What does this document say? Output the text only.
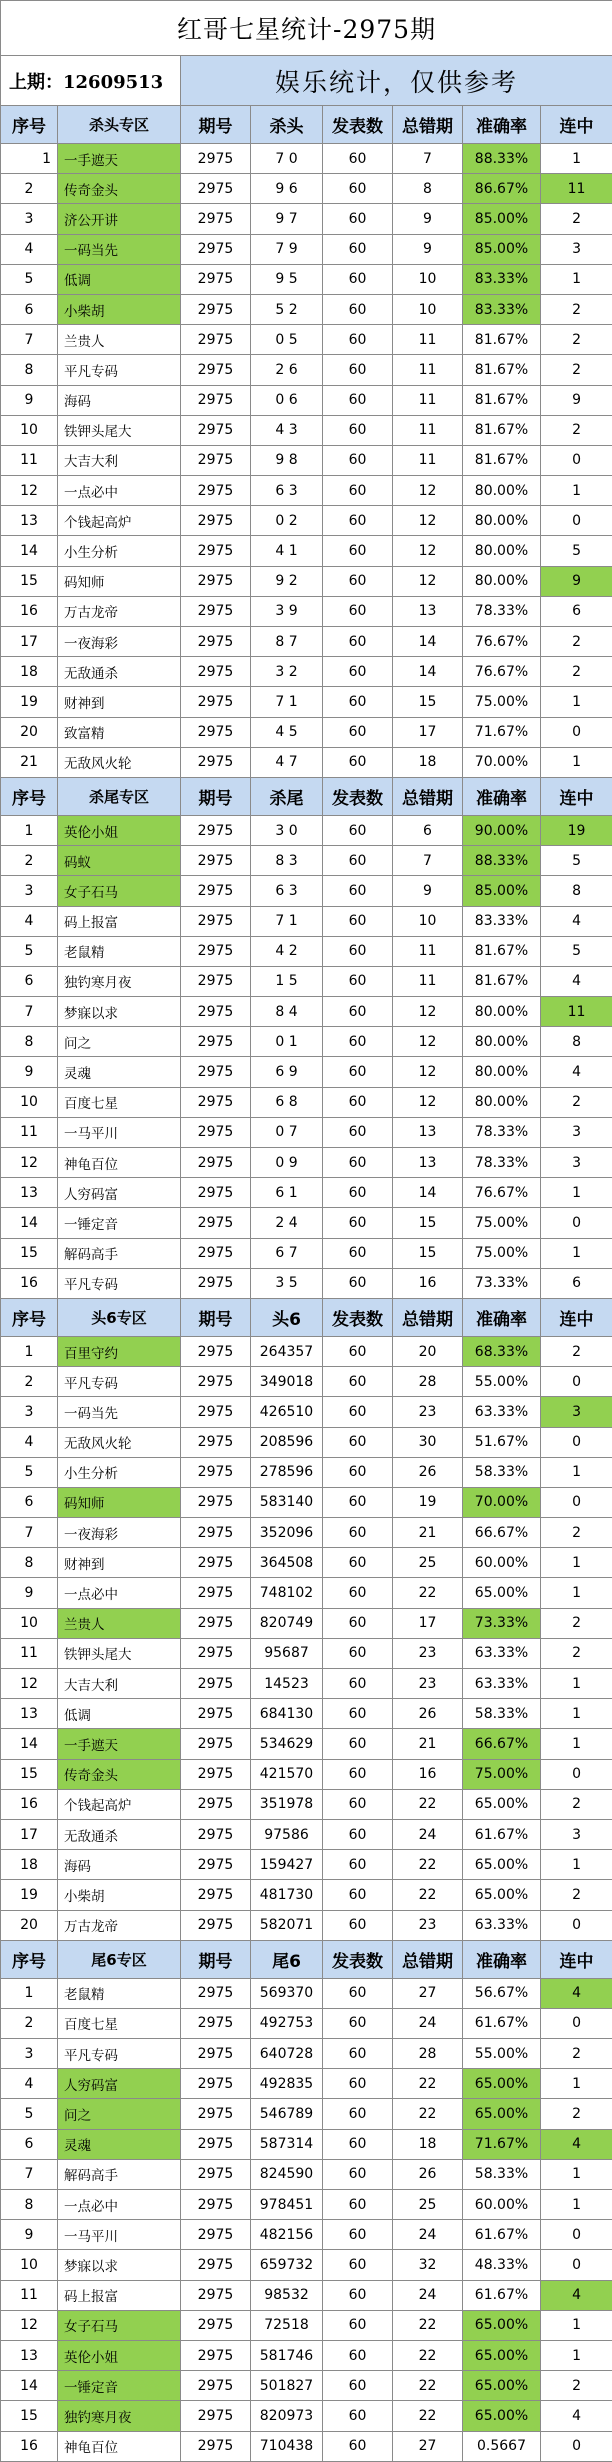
红哥七星统计-2975期							
上期：12609513		娱乐统计，仅供参考					
序号	杀头专区	期号	杀头	发表数	总错期	准确率	连中
1	一手遮天	2975	7 0	60	7	88.33%	1
2	传奇金头	2975	9 6	60	8	86.67%	11
3	济公开讲	2975	9 7	60	9	85.00%	2
4	一码当先	2975	7 9	60	9	85.00%	3
5	低调	2975	9 5	60	10	83.33%	1
6	小柴胡	2975	5 2	60	10	83.33%	2
7	兰贵人	2975	0 5	60	11	81.67%	2
8	平凡专码	2975	2 6	60	11	81.67%	2
9	海码	2975	0 6	60	11	81.67%	9
10	铁钾头尾大	2975	4 3	60	11	81.67%	2
11	大吉大利	2975	9 8	60	11	81.67%	0
12	一点必中	2975	6 3	60	12	80.00%	1
13	个钱起高炉	2975	0 2	60	12	80.00%	0
14	小生分析	2975	4 1	60	12	80.00%	5
15	码知师	2975	9 2	60	12	80.00%	9
16	万古龙帝	2975	3 9	60	13	78.33%	6
17	一夜海彩	2975	8 7	60	14	76.67%	2
18	无敌通杀	2975	3 2	60	14	76.67%	2
19	财神到	2975	7 1	60	15	75.00%	1
20	致富精	2975	4 5	60	17	71.67%	0
21	无敌风火轮	2975	4 7	60	18	70.00%	1
序号	杀尾专区	期号	杀尾	发表数	总错期	准确率	连中
1	英伦小姐	2975	3 0	60	6	90.00%	19
2	码蚁	2975	8 3	60	7	88.33%	5
3	女子石马	2975	6 3	60	9	85.00%	8
4	码上报富	2975	7 1	60	10	83.33%	4
5	老鼠精	2975	4 2	60	11	81.67%	5
6	独钓寒月夜	2975	1 5	60	11	81.67%	4
7	梦寐以求	2975	8 4	60	12	80.00%	11
8	问之	2975	0 1	60	12	80.00%	8
9	灵魂	2975	6 9	60	12	80.00%	4
10	百度七星	2975	6 8	60	12	80.00%	2
11	一马平川	2975	0 7	60	13	78.33%	3
12	神龟百位	2975	0 9	60	13	78.33%	3
13	人穷码富	2975	6 1	60	14	76.67%	1
14	一锤定音	2975	2 4	60	15	75.00%	0
15	解码高手	2975	6 7	60	15	75.00%	1
16	平凡专码	2975	3 5	60	16	73.33%	6
序号	头6专区	期号	头6	发表数	总错期	准确率	连中
1	百里守约	2975	264357	60	20	68.33%	2
2	平凡专码	2975	349018	60	28	55.00%	0
3	一码当先	2975	426510	60	23	63.33%	3
4	无敌风火轮	2975	208596	60	30	51.67%	0
5	小生分析	2975	278596	60	26	58.33%	1
6	码知师	2975	583140	60	19	70.00%	0
7	一夜海彩	2975	352096	60	21	66.67%	2
8	财神到	2975	364508	60	25	60.00%	1
9	一点必中	2975	748102	60	22	65.00%	1
10	兰贵人	2975	820749	60	17	73.33%	2
11	铁钾头尾大	2975	95687	60	23	63.33%	2
12	大吉大利	2975	14523	60	23	63.33%	1
13	低调	2975	684130	60	26	58.33%	1
14	一手遮天	2975	534629	60	21	66.67%	1
15	传奇金头	2975	421570	60	16	75.00%	0
16	个钱起高炉	2975	351978	60	22	65.00%	2
17	无敌通杀	2975	97586	60	24	61.67%	3
18	海码	2975	159427	60	22	65.00%	1
19	小柴胡	2975	481730	60	22	65.00%	2
20	万古龙帝	2975	582071	60	23	63.33%	0
序号	尾6专区	期号	尾6	发表数	总错期	准确率	连中
1	老鼠精	2975	569370	60	27	56.67%	4
2	百度七星	2975	492753	60	24	61.67%	0
3	平凡专码	2975	640728	60	28	55.00%	2
4	人穷码富	2975	492835	60	22	65.00%	1
5	问之	2975	546789	60	22	65.00%	2
6	灵魂	2975	587314	60	18	71.67%	4
7	解码高手	2975	824590	60	26	58.33%	1
8	一点必中	2975	978451	60	25	60.00%	1
9	一马平川	2975	482156	60	24	61.67%	0
10	梦寐以求	2975	659732	60	32	48.33%	0
11	码上报富	2975	98532	60	24	61.67%	4
12	女子石马	2975	72518	60	22	65.00%	1
13	英伦小姐	2975	581746	60	22	65.00%	1
14	一锤定音	2975	501827	60	22	65.00%	2
15	独钓寒月夜	2975	820973	60	22	65.00%	4
16	神龟百位	2975	710438	60	27	0.5667	0
